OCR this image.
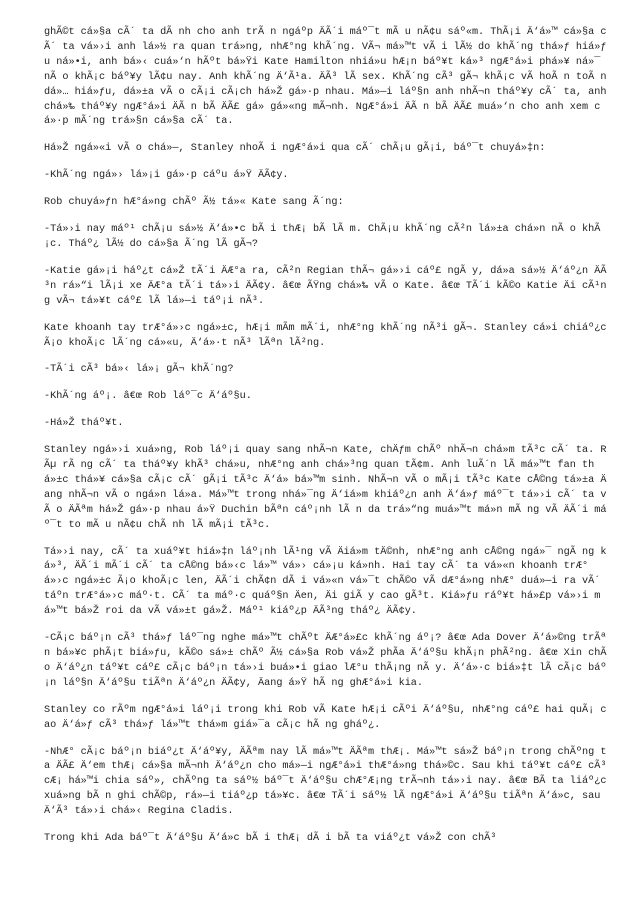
ghÃ©t cá»§a cÃ´ ta dÃ nh cho anh trÃ n ngáºp ÄÃ´i máº¯t mÃ u nÃ¢u sáº«m. ThÃ¡i Ä‘á»™ cá»§a cÃ´ ta vá»›i anh lá»½ ra quan trá»ng, nhÆ°ng khÃ´ng. VÃ¬ má»™t vÃ i lÃ½ do khÃ´ng thá»ƒ hiá»ƒu ná»•i, anh bá»‹ cuá»‘n hÃºt bá»Ÿi Kate Hamilton nhiá»u hÆ¡n báº¥t ká»³ ngÆ°á»i phá»¥ ná»¯ nÃ o khÃ¡c báº¥y lÃ¢u nay. Anh khÃ´ng Ä‘Ã¹a. ÄÃ³ lÃ sex. KhÃ´ng cÃ³ gÃ¬ khÃ¡c vÃ hoÃ n toÃ n dá»… hiá»ƒu, dá»±a vÃ o cÃ¡i cÃ¡ch há»Ž gá»·p nhau. Má»—i láº§n anh nhÃ¬n tháº¥y cÃ´ ta, anh chá»‰ tháº¥y ngÆ°á»i ÄÃ n bÃ ÄÃ£ gá» gá»«ng mÃ¬nh. NgÆ°á»i ÄÃ n bÃ ÄÃ£ muá»‘n cho anh xem cá»·p mÃ´ng trá»§n cá»§a cÃ´ ta.

Há»Ž ngá»«i vÃ o chá»—, Stanley nhoÃ i ngÆ°á»i qua cÃ´ chÃ¡u gÃ¡i, báº¯t chuyá»‡n:

-KhÃ´ng ngá»› lá»¡i gá»·p cáºu á»Ÿ ÄÃ¢y.

Rob chuyá»ƒn hÆ°á»ng chÃº Ã½ tá»« Kate sang Ã´ng:

-Tá»›i nay máº¹ chÃ¡u sá»½ Ä‘á»•c bÃ i thÆ¡ bÃ lÃ m. ChÃ¡u khÃ´ng cÃ²n lá»±a chá»n nÃ o khÃ¡c. Tháº¿ lÃ½ do cá»§a Ã´ng lÃ gÃ¬?

-Katie gá»¡i háº¿t cá»Ž tÃ´i ÄÆ°a ra, cÃ²n Regian thÃ¬ gá»›i cáº£ ngÃ y, dá»a sá»½ Ä‘áº¿n ÄÃ³n rá»“i lÃ¡i xe ÄÆ°a tÃ´i tá»›i ÄÃ¢y. â€œ ÃŸng chá»‰ vÃ o Kate. â€œ TÃ´i kÃ©o Katie Äi cÃ¹ng vÃ¬ tá»¥t cáº£ lÃ lá»—i táº¡i nÃ³.

Kate khoanh tay trÆ°á»›c ngá»±c, hÆ¡i mÃm mÃ´i, nhÆ°ng khÃ´ng nÃ³i gÃ¬. Stanley cá»i chiáº¿c Ã¡o khoÃ¡c lÃ´ng cá»«u, Ä‘á»·t nÃ³ lÃªn lÃ²ng.

-TÃ´i cÃ³ bá»‹ lá»¡ gÃ¬ khÃ´ng?

-KhÃ´ng áº¡. â€œ Rob láº¯c Ä‘áº§u.

-Há»Ž tháº¥t.

Stanley ngá»›i xuá»ng, Rob láº¡i quay sang nhÃ¬n Kate, chÄƒm chÃº nhÃ¬n chá»m tÃ³c cÃ´ ta. RÃµ rÃ ng cÃ´ ta tháº¥y khÃ³ chá»u, nhÆ°ng anh chá»³ng quan tÃ¢m. Anh luÃ´n lÃ má»™t fan thá»±c thá»¥ cá»§a cÃ¡c cÃ´ gÃ¡i tÃ³c Ä‘á» bá»™m sinh. NhÃ¬n vÃ o mÃ¡i tÃ³c Kate cÅ©ng tá»±a Äang nhÃ¬n vÃ o ngá»n lá»a. Má»™t trong nhá»¯ng Ä‘iá»m khiáº¿n anh Ä‘á»ƒ máº¯t tá»›i cÃ´ ta vÃ o ÄÃªm há»Ž gá»·p nhau á»Ÿ Duchin bÃªn cáº¡nh lÃ n da trá»“ng muá»™t má»n mÃ ng vÃ ÄÃ´i máº¯t to mÃ u nÃ¢u chÃ nh lÃ mÃ¡i tÃ³c.

Tá»›i nay, cÃ´ ta xuáº¥t hiá»‡n láº¡nh lÃ¹ng vÃ Äiá»m tÄ©nh, nhÆ°ng anh cÅ©ng ngá»¯ ngÃ ng ká»³, ÄÃ´i mÃ´i cÃ´ ta cÅ©ng bá»‹c lá»™ vá»› cá»¡u ká»nh. Hai tay cÃ´ ta vá»«n khoanh trÆ°á»›c ngá»±c Ã¡o khoÃ¡c len, ÄÃ´i chÃ¢n dÃ i vá»«n vá»¯t chÃ©o vÃ dÆ°á»ng nhÆ° duá»—i ra vÃ´ táºn trÆ°á»›c máº·t. CÃ´ ta máº·c quáº§n Äen, Äi giÃ y cao gÃ³t. Kiá»ƒu ráº¥t há»£p vá»›i má»™t bá»Ž roi da vÃ vá»±t gá»Ž. Máº¹ kiáº¿p ÄÃ³ng tháº¿ ÄÃ¢y.

-CÃ¡c báº¡n cÃ³ thá»ƒ láº¯ng nghe má»™t chÃºt ÄÆ°á»£c khÃ´ng áº¡? â€œ Ada Dover Ä‘á»©ng trÃªn bá»¥c phÃ¡t biá»ƒu, kÃ©o sá»± chÃº Ã½ cá»§a Rob vá»Ž phÃa Ä‘áº§u khÃ¡n phÃ²ng. â€œ Xin chÃ o Ä‘áº¿n táº¥t cáº£ cÃ¡c báº¡n tá»›i buá»•i giao lÆ°u thÃ¡ng nÃ y. Ä‘á»·c biá»‡t lÃ cÃ¡c báº¡n láº§n Ä‘áº§u tiÃªn Ä‘áº¿n ÄÃ¢y, Äang á»Ÿ hÃ ng ghÆ°á»i kia.

Stanley co rÃºm ngÆ°á»i láº¡i trong khi Rob vÃ Kate hÆ¡i cÃºi Ä‘áº§u, nhÆ°ng cáº£ hai quÃ¡ cao Ä‘á»ƒ cÃ³ thá»ƒ lá»™t thá»m giá»¯a cÃ¡c hÃ ng gháº¿.

-NhÆ° cÃ¡c báº¡n biáº¿t Ä‘áº¥y, ÄÃªm nay lÃ má»™t ÄÃªm thÆ¡. Má»™t sá»Ž báº¡n trong chÃºng ta ÄÃ£ Ä‘em thÆ¡ cá»§a mÃ¬nh Ä‘áº¿n cho má»—i ngÆ°á»i thÆ°á»ng thá»©c. Sau khi táº¥t cáº£ cÃ³ cÆ¡ há»™i chia sáº», chÃºng ta sáº½ báº¯t Ä‘áº§u chÆ°Æ¡ng trÃ¬nh tá»›i nay. â€œ BÃ ta liáº¿c xuá»ng bÃ n ghi chÃ©p, rá»—i tiáº¿p tá»¥c. â€œ TÃ´i sáº½ lÃ ngÆ°á»i Ä‘áº§u tiÃªn Ä‘á»c, sau Ä‘Ã³ tá»›i chá»‹ Regina Cladis.

Trong khi Ada báº¯t Ä‘áº§u Ä‘á»c bÃ i thÆ¡ dÃ i bÃ ta viáº¿t vá»Ž con chÃ³
